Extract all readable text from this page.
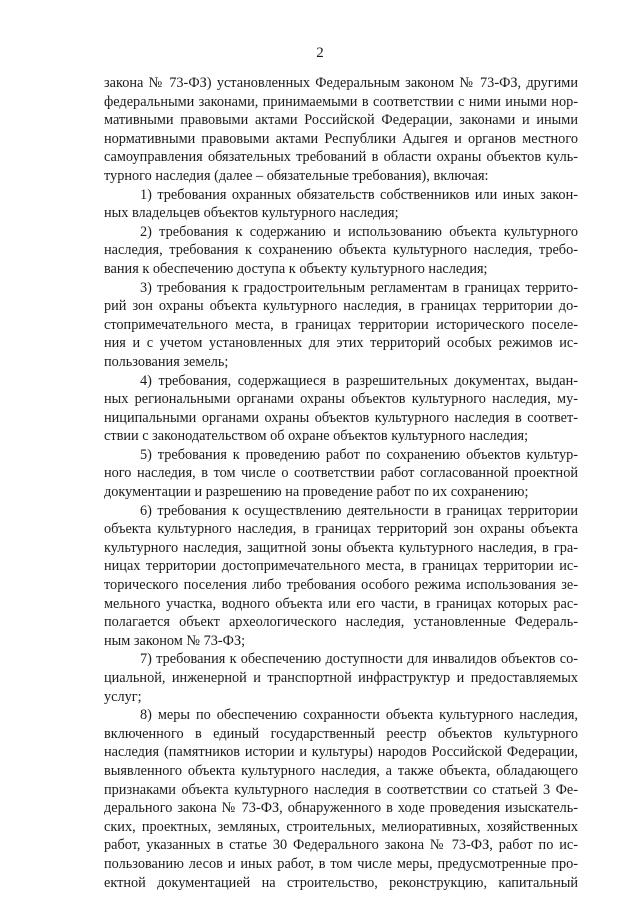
2
закона № 73-ФЗ) установленных Федеральным законом № 73-ФЗ, другими
федеральными законами, принимаемыми в соответствии с ними иными нор-
мативными правовыми актами Российской Федерации, законами и иными
нормативными правовыми актами Республики Адыгея и органов местного
самоуправления обязательных требований в области охраны объектов куль-
турного наследия (далее – обязательные требования), включая:
1) требования охранных обязательств собственников или иных закон-
ных владельцев объектов культурного наследия;
2) требования к содержанию и использованию объекта культурного
наследия, требования к сохранению объекта культурного наследия, требо-
вания к обеспечению доступа к объекту культурного наследия;
3) требования к градостроительным регламентам в границах террито-
рий зон охраны объекта культурного наследия, в границах территории до-
стопримечательного места, в границах территории исторического поселе-
ния и с учетом установленных для этих территорий особых режимов ис-
пользования земель;
4) требования, содержащиеся в разрешительных документах, выдан-
ных региональными органами охраны объектов культурного наследия, му-
ниципальными органами охраны объектов культурного наследия в соответ-
ствии с законодательством об охране объектов культурного наследия;
5) требования к проведению работ по сохранению объектов культур-
ного наследия, в том числе о соответствии работ согласованной проектной
документации и разрешению на проведение работ по их сохранению;
6) требования к осуществлению деятельности в границах территории
объекта культурного наследия, в границах территорий зон охраны объекта
культурного наследия, защитной зоны объекта культурного наследия, в гра-
ницах территории достопримечательного места, в границах территории ис-
торического поселения либо требования особого режима использования зе-
мельного участка, водного объекта или его части, в границах которых рас-
полагается объект археологического наследия, установленные Федераль-
ным законом № 73-ФЗ;
7) требования к обеспечению доступности для инвалидов объектов со-
циальной, инженерной и транспортной инфраструктур и предоставляемых
услуг;
8) меры по обеспечению сохранности объекта культурного наследия,
включенного в единый государственный реестр объектов культурного
наследия (памятников истории и культуры) народов Российской Федерации,
выявленного объекта культурного наследия, а также объекта, обладающего
признаками объекта культурного наследия в соответствии со статьей 3 Фе-
дерального закона № 73-ФЗ, обнаруженного в ходе проведения изыскатель-
ских, проектных, земляных, строительных, мелиоративных, хозяйственных
работ, указанных в статье 30 Федерального закона № 73-ФЗ, работ по ис-
пользованию лесов и иных работ, в том числе меры, предусмотренные про-
ектной документацией на строительство, реконструкцию, капитальный
